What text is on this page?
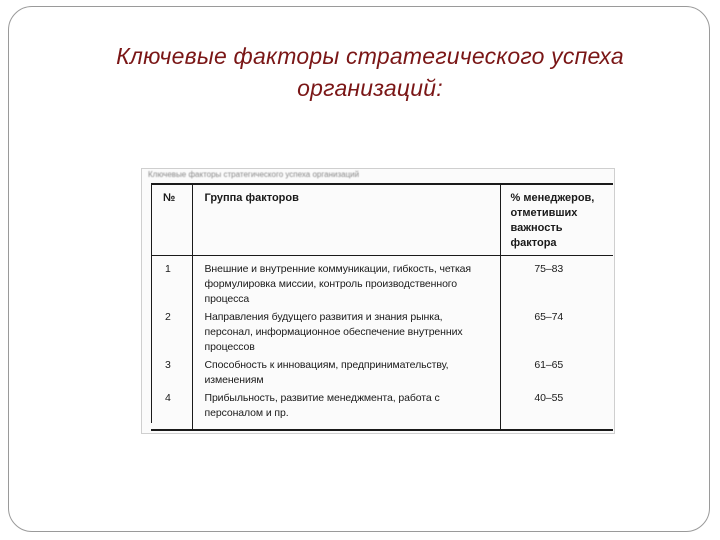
Ключевые факторы стратегического успеха
организаций:
Ключевые факторы стратегического успеха организаций
№	Группа факторов	% менеджеров, отметивших важность фактора
1	Внешние и внутренние коммуникации, гибкость, четкая формулировка миссии, контроль производственного процесса	75–83
2	Направления будущего развития и знания рынка, персонал, информационное обеспечение внутренних процессов	65–74
3	Способность к инновациям, предпринимательству, изменениям	61–65
4	Прибыльность, развитие менеджмента, работа с персоналом и пр.	40–55
